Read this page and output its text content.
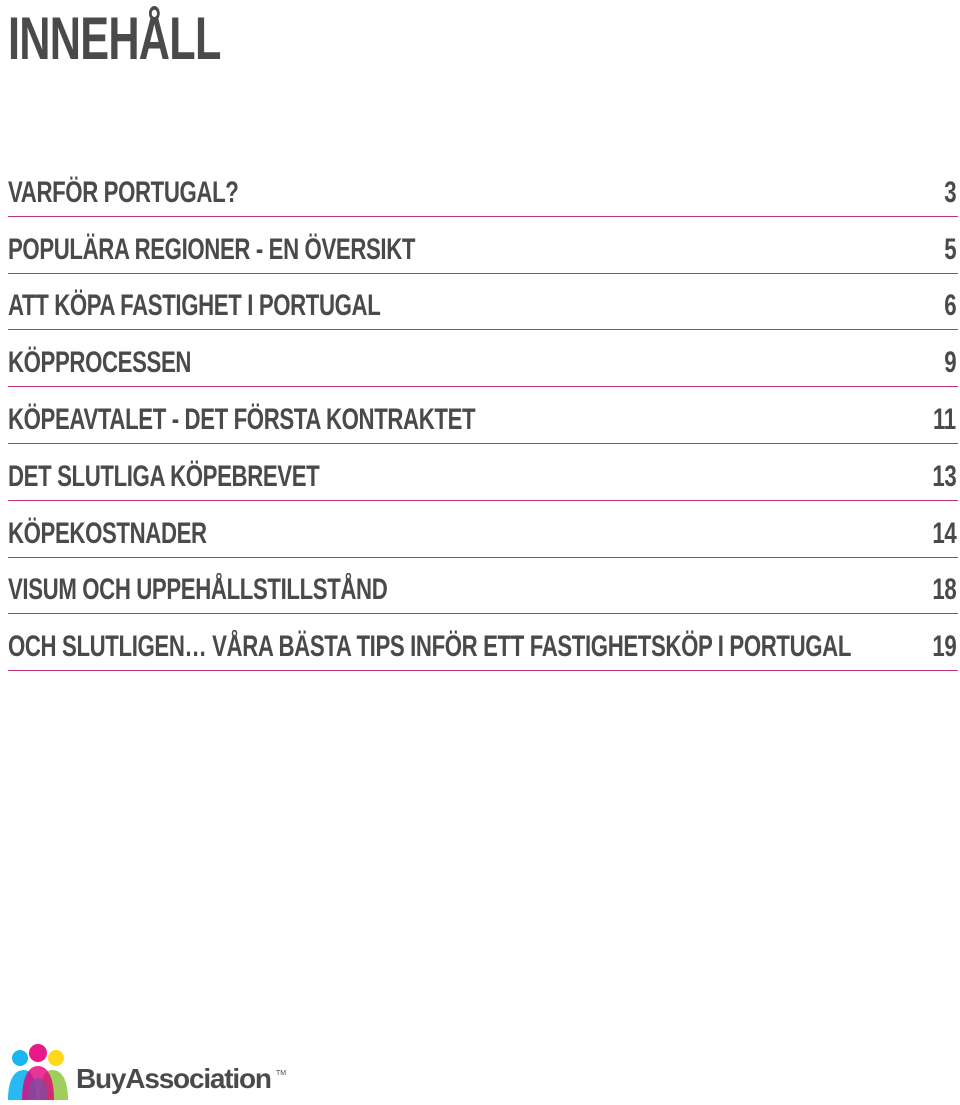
INNEHÅLL
VARFÖR PORTUGAL?	3
POPULÄRA REGIONER - EN ÖVERSIKT	5
ATT KÖPA FASTIGHET I PORTUGAL	6
KÖPPROCESSEN	9
KÖPEAVTALET - DET FÖRSTA KONTRAKTET	11
DET SLUTLIGA KÖPEBREVET	13
KÖPEKOSTNADER	14
VISUM OCH UPPEHÅLLSTILLSTÅND	18
OCH SLUTLIGEN… VÅRA BÄSTA TIPS INFÖR ETT FASTIGHETSKÖP I PORTUGAL	19
BuyAssociation TM
